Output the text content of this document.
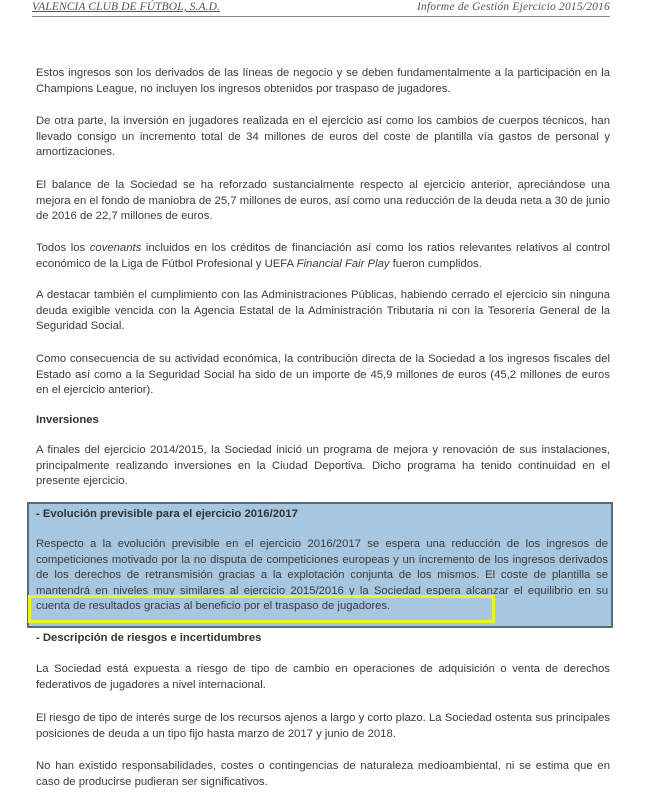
VALENCIA CLUB DE FÚTBOL, S.A.D.	Informe de Gestión Ejercicio 2015/2016

Estos ingresos son los derivados de las líneas de negocio y se deben fundamentalmente a la participación en la Champions League, no incluyen los ingresos obtenidos por traspaso de jugadores.

De otra parte, la inversión en jugadores realizada en el ejercicio así como los cambios de cuerpos técnicos, han llevado consigo un incremento total de 34 millones de euros del coste de plantilla vía gastos de personal y amortizaciones.

El balance de la Sociedad se ha reforzado sustancialmente respecto al ejercicio anterior, apreciándose una mejora en el fondo de maniobra de 25,7 millones de euros, así como una reducción de la deuda neta a 30 de junio de 2016 de 22,7 millones de euros.

Todos los covenants incluidos en los créditos de financiación así como los ratios relevantes relativos al control económico de la Liga de Fútbol Profesional y UEFA Financial Fair Play fueron cumplidos.

A destacar también el cumplimiento con las Administraciones Públicas, habiendo cerrado el ejercicio sin ninguna deuda exigible vencida con la Agencia Estatal de la Administración Tributaria ni con la Tesorería General de la Seguridad Social.

Como consecuencia de su actividad económica, la contribución directa de la Sociedad a los ingresos fiscales del Estado así como a la Seguridad Social ha sido de un importe de 45,9 millones de euros (45,2 millones de euros en el ejercicio anterior).

Inversiones

A finales del ejercicio 2014/2015, la Sociedad inició un programa de mejora y renovación de sus instalaciones, principalmente realizando inversiones en la Ciudad Deportiva. Dicho programa ha tenido continuidad en el presente ejercicio.

- Evolución previsible para el ejercicio 2016/2017

Respecto a la evolución previsible en el ejercicio 2016/2017 se espera una reducción de los ingresos de competiciones motivado por la no disputa de competiciones europeas y un incremento de los ingresos derivados de los derechos de retransmisión gracias a la explotación conjunta de los mismos. El coste de plantilla se mantendrá en niveles muy similares al ejercicio 2015/2016 y la Sociedad espera alcanzar el equilibrio en su cuenta de resultados gracias al beneficio por el traspaso de jugadores.

- Descripción de riesgos e incertidumbres

La Sociedad está expuesta a riesgo de tipo de cambio en operaciones de adquisición o venta de derechos federativos de jugadores a nivel internacional.

El riesgo de tipo de interés surge de los recursos ajenos a largo y corto plazo. La Sociedad ostenta sus principales posiciones de deuda a un tipo fijo hasta marzo de 2017 y junio de 2018.

No han existido responsabilidades, costes o contingencias de naturaleza medioambiental, ni se estima que en caso de producirse pudieran ser significativos.
